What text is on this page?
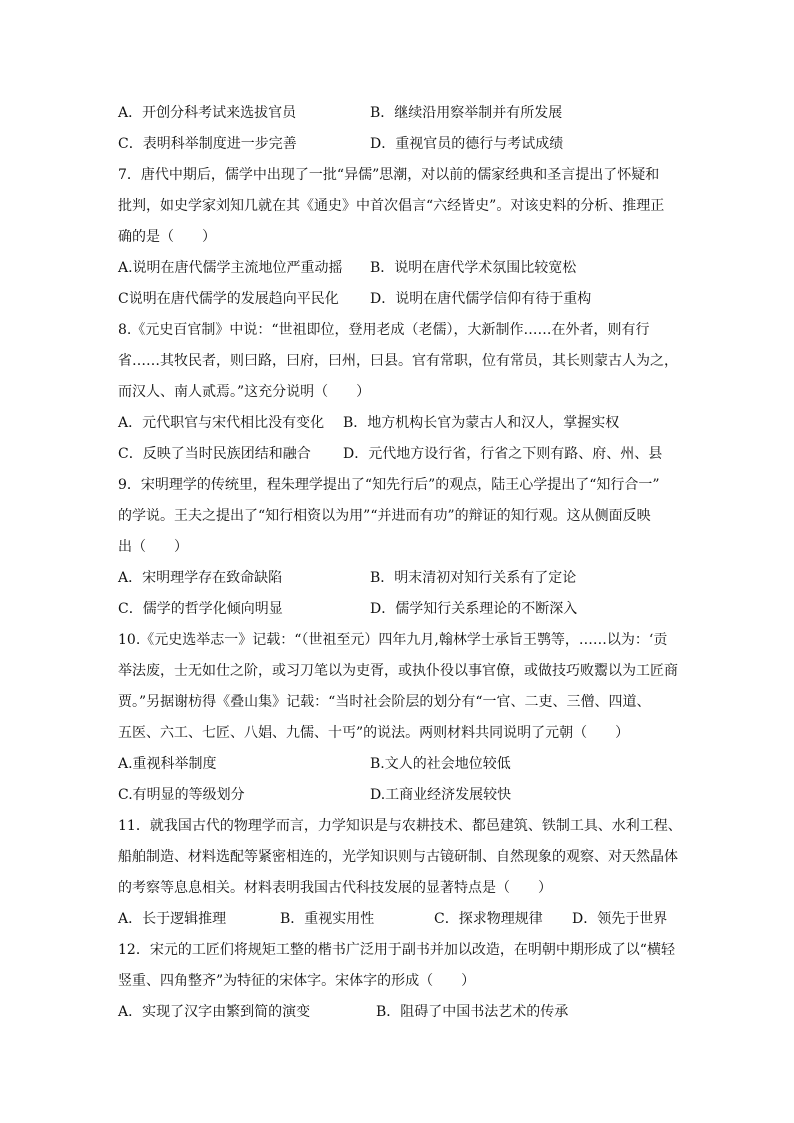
A．开创分科考试来选拔官员	B．继续沿用察举制并有所发展
C．表明科举制度进一步完善	D．重视官员的德行与考试成绩
7．唐代中期后，儒学中出现了一批“异儒”思潮，对以前的儒家经典和圣言提出了怀疑和
批判，如史学家刘知几就在其《通史》中首次倡言“六经皆史”。对该史料的分析、推理正
确的是（　　）
A.说明在唐代儒学主流地位严重动摇 B．说明在唐代学术氛围比较宽松
C说明在唐代儒学的发展趋向平民化 D．说明在唐代儒学信仰有待于重构
8.《元史百官制》中说：“世祖即位，登用老成（老儒），大新制作……在外者，则有行
省……其牧民者，则曰路，曰府，曰州，曰县。官有常职，位有常员，其长则蒙古人为之，
而汉人、南人贰焉。”这充分说明（　　）
A．元代职官与宋代相比没有变化 B．地方机构长官为蒙古人和汉人，掌握实权
C．反映了当时民族团结和融合 D．元代地方设行省，行省之下则有路、府、州、县
9．宋明理学的传统里，程朱理学提出了“知先行后”的观点，陆王心学提出了“知行合一”
的学说。王夫之提出了“知行相资以为用”“并进而有功”的辩证的知行观。这从侧面反映
出（　　）
A．宋明理学存在致命缺陷	B．明末清初对知行关系有了定论
C．儒学的哲学化倾向明显	D．儒学知行关系理论的不断深入
10.《元史选举志一》记载：“（世祖至元）四年九月,翰林学士承旨王鹗等，……以为：‘贡
举法废，士无如仕之阶，或习刀笔以为吏胥，或执仆役以事官僚，或做技巧败鬻以为工匠商
贾。”另据谢枋得《叠山集》记载：“当时社会阶层的划分有“一官、二吏、三僧、四道、
五医、六工、七匠、八娼、九儒、十丐”的说法。两则材料共同说明了元朝（　　）
A.重视科举制度	B.文人的社会地位较低
C.有明显的等级划分	D.工商业经济发展较快
11．就我国古代的物理学而言，力学知识是与农耕技术、都邑建筑、铁制工具、水利工程、
船舶制造、材料选配等紧密相连的，光学知识则与古镜研制、自然现象的观察、对天然晶体
的考察等息息相关。材料表明我国古代科技发展的显著特点是（　　）
A．长于逻辑推理	B．重视实用性	C．探求物理规律 D．领先于世界
12．宋元的工匠们将规矩工整的楷书广泛用于副书并加以改造，在明朝中期形成了以“横轻
竖重、四角整齐”为特征的宋体字。宋体字的形成（　　）
A．实现了汉字由繁到简的演变	B．阻碍了中国书法艺术的传承
